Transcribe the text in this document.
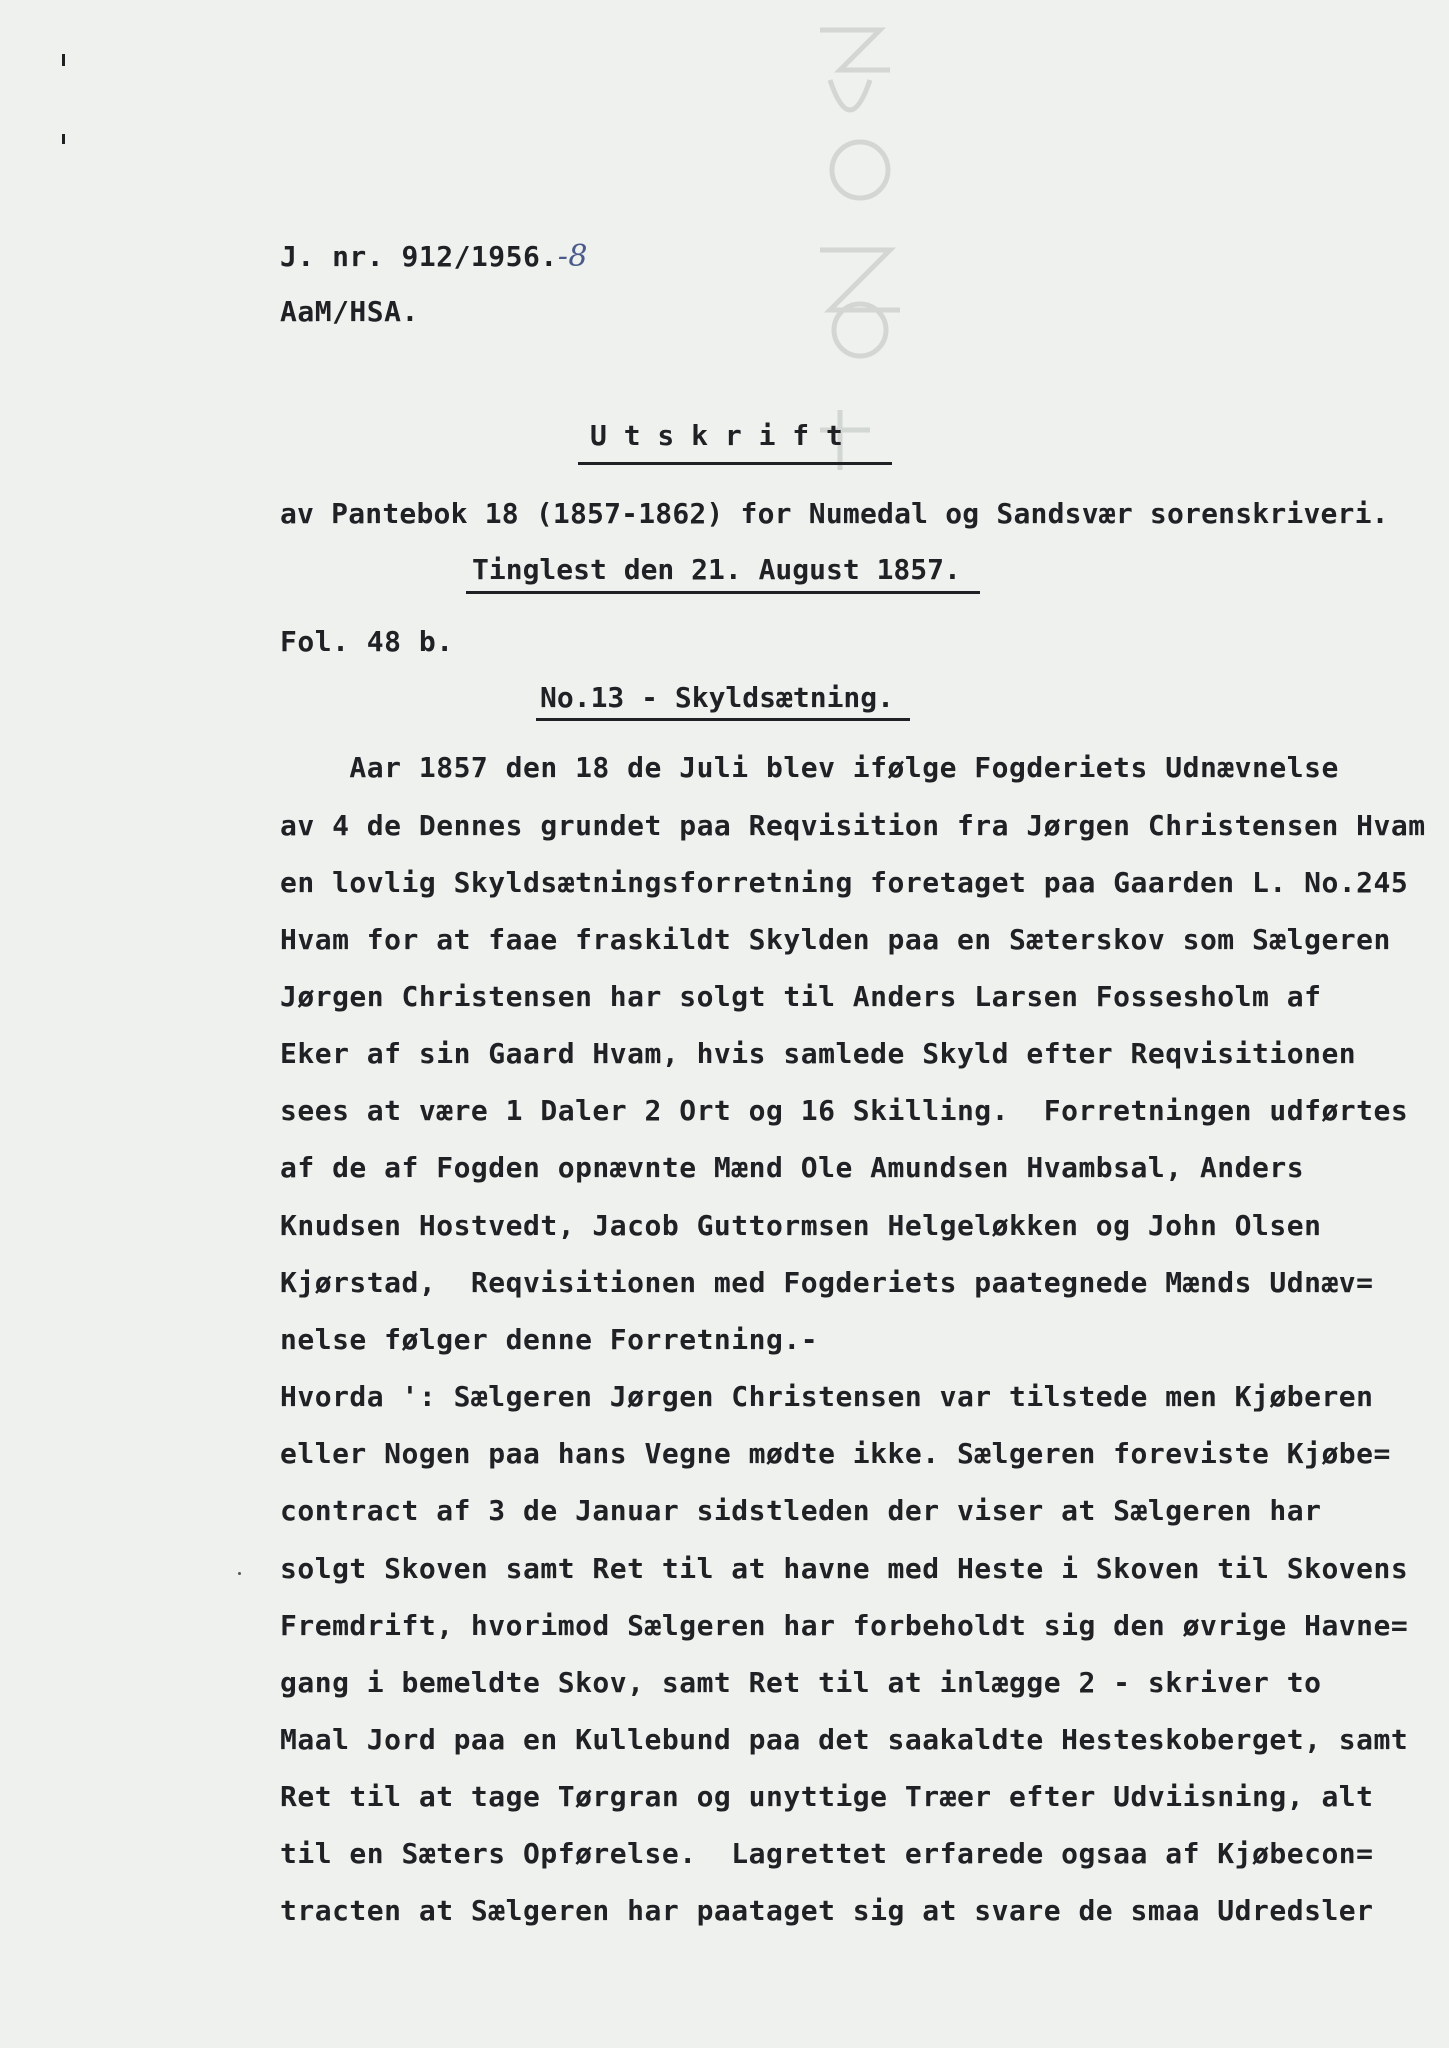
J. nr. 912/1956.-8
AaM/HSA.
U t s k r i f t
av Pantebok 18 (1857-1862) for Numedal og Sandsvær sorenskriveri.
Tinglest den 21. August 1857.
Fol. 48 b.
No.13 - Skyldsætning.
Aar 1857 den 18 de Juli blev ifølge Fogderiets Udnævnelse
av 4 de Dennes grundet paa Reqvisition fra Jørgen Christensen Hvam
en lovlig Skyldsætningsforretning foretaget paa Gaarden L. No.245
Hvam for at faae fraskildt Skylden paa en Sæterskov som Sælgeren
Jørgen Christensen har solgt til Anders Larsen Fossesholm af
Eker af sin Gaard Hvam, hvis samlede Skyld efter Reqvisitionen
sees at være 1 Daler 2 Ort og 16 Skilling.  Forretningen udførtes
af de af Fogden opnævnte Mænd Ole Amundsen Hvambsal, Anders
Knudsen Hostvedt, Jacob Guttormsen Helgeløkken og John Olsen
Kjørstad,  Reqvisitionen med Fogderiets paategnede Mænds Udnæv=
nelse følger denne Forretning.-
Hvorda ': Sælgeren Jørgen Christensen var tilstede men Kjøberen
eller Nogen paa hans Vegne mødte ikke. Sælgeren foreviste Kjøbe=
contract af 3 de Januar sidstleden der viser at Sælgeren har
solgt Skoven samt Ret til at havne med Heste i Skoven til Skovens
Fremdrift, hvorimod Sælgeren har forbeholdt sig den øvrige Havne=
gang i bemeldte Skov, samt Ret til at inlægge 2 - skriver to
Maal Jord paa en Kullebund paa det saakaldte Hesteskoberget, samt
Ret til at tage Tørgran og unyttige Træer efter Udviisning, alt
til en Sæters Opførelse.  Lagrettet erfarede ogsaa af Kjøbecon=
tracten at Sælgeren har paataget sig at svare de smaa Udredsler
